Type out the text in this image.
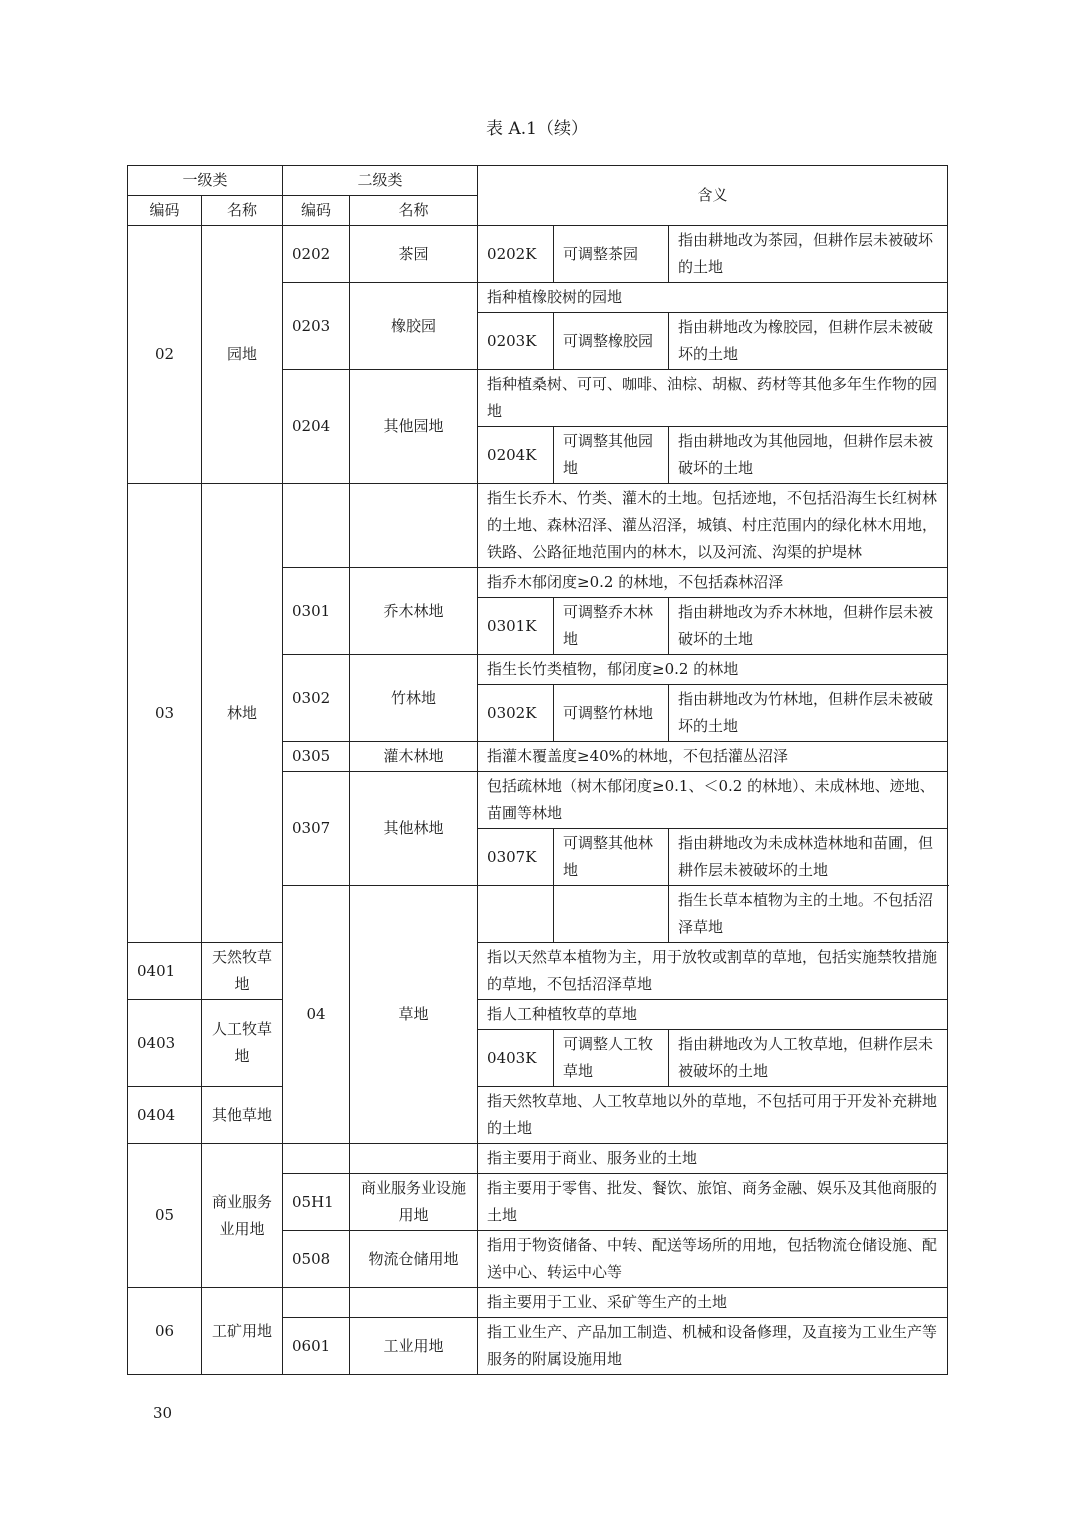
表 A.1（续）
一级类		二级类		含义		
编码	名称	编码	名称			
02	园地	0202	茶园	0202K	可调整茶园	指由耕地改为茶园，但耕作层未被破坏的土地
		0203	橡胶园	指种植橡胶树的园地		
				0203K	可调整橡胶园	指由耕地改为橡胶园，但耕作层未被破坏的土地
		0204	其他园地	指种植桑树、可可、咖啡、油棕、胡椒、药材等其他多年生作物的园地		
				0204K	可调整其他园地	指由耕地改为其他园地，但耕作层未被破坏的土地
03	林地			指生长乔木、竹类、灌木的土地。包括迹地，不包括沿海生长红树林的土地、森林沼泽、灌丛沼泽，城镇、村庄范围内的绿化林木用地，铁路、公路征地范围内的林木，以及河流、沟渠的护堤林		
		0301	乔木林地	指乔木郁闭度≥0.2 的林地，不包括森林沼泽		
				0301K	可调整乔木林地	指由耕地改为乔木林地，但耕作层未被破坏的土地
		0302	竹林地	指生长竹类植物，郁闭度≥0.2 的林地		
				0302K	可调整竹林地	指由耕地改为竹林地，但耕作层未被破坏的土地
		0305	灌木林地	指灌木覆盖度≥40%的林地，不包括灌丛沼泽		
		0307	其他林地	包括疏林地（树木郁闭度≥0.1、＜0.2 的林地）、未成林地、迹地、苗圃等林地		
				0307K	可调整其他林地	指由耕地改为未成林造林地和苗圃，但耕作层未被破坏的土地
		04	草地			指生长草本植物为主的土地。不包括沼泽草地
0401	天然牧草地			指以天然草本植物为主，用于放牧或割草的草地，包括实施禁牧措施的草地，不包括沼泽草地		
0403	人工牧草地			指人工种植牧草的草地		
				0403K	可调整人工牧草地	指由耕地改为人工牧草地，但耕作层未被破坏的土地
0404	其他草地			指天然牧草地、人工牧草地以外的草地，不包括可用于开发补充耕地的土地		
05	商业服务业用地			指主要用于商业、服务业的土地		
		05H1	商业服务业设施用地	指主要用于零售、批发、餐饮、旅馆、商务金融、娱乐及其他商服的土地		
		0508	物流仓储用地	指用于物资储备、中转、配送等场所的用地，包括物流仓储设施、配送中心、转运中心等		
06	工矿用地			指主要用于工业、采矿等生产的土地		
		0601	工业用地	指工业生产、产品加工制造、机械和设备修理，及直接为工业生产等服务的附属设施用地		
30
